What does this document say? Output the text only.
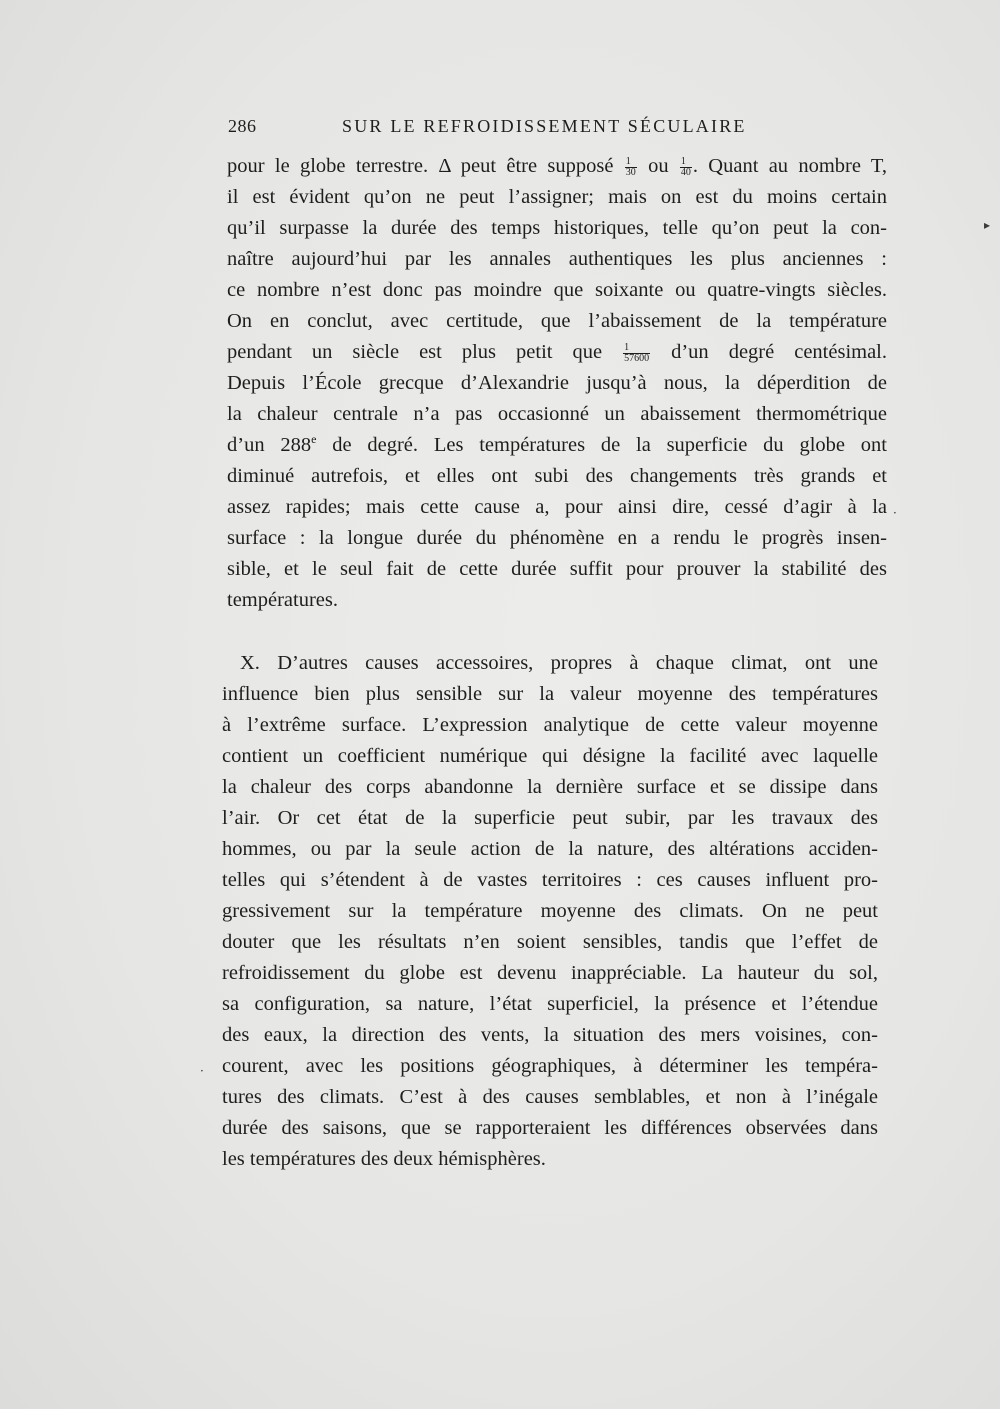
286	SUR LE REFROIDISSEMENT SÉCULAIRE
pour le globe terrestre. Δ peut être supposé $\frac{1}{30}$ ou $\frac{1}{40}$ . Quant au nombre T,
il est évident qu’on ne peut l’assigner; mais on est du moins certain
qu’il surpasse la durée des temps historiques, telle qu’on peut la con-
naître aujourd’hui par les annales authentiques les plus anciennes :
ce nombre n’est donc pas moindre que soixante ou quatre-vingts siècles.
On en conclut, avec certitude, que l’abaissement de la température
pendant un siècle est plus petit que $\frac{1}{57600}$ d’un degré centésimal.
Depuis l’École grecque d’Alexandrie jusqu’à nous, la déperdition de
la chaleur centrale n’a pas occasionné un abaissement thermométrique
d’un 288e de degré. Les températures de la superficie du globe ont
diminué autrefois, et elles ont subi des changements très grands et
assez rapides; mais cette cause a, pour ainsi dire, cessé d’agir à la
surface : la longue durée du phénomène en a rendu le progrès insen-
sible, et le seul fait de cette durée suffit pour prouver la stabilité des
températures.
X. D’autres causes accessoires, propres à chaque climat, ont une
influence bien plus sensible sur la valeur moyenne des températures
à l’extrême surface. L’expression analytique de cette valeur moyenne
contient un coefficient numérique qui désigne la facilité avec laquelle
la chaleur des corps abandonne la dernière surface et se dissipe dans
l’air. Or cet état de la superficie peut subir, par les travaux des
hommes, ou par la seule action de la nature, des altérations acciden-
telles qui s’étendent à de vastes territoires : ces causes influent pro-
gressivement sur la température moyenne des climats. On ne peut
douter que les résultats n’en soient sensibles, tandis que l’effet de
refroidissement du globe est devenu inappréciable. La hauteur du sol,
sa configuration, sa nature, l’état superficiel, la présence et l’étendue
des eaux, la direction des vents, la situation des mers voisines, con-
courent, avec les positions géographiques, à déterminer les tempéra-
tures des climats. C’est à des causes semblables, et non à l’inégale
durée des saisons, que se rapporteraient les différences observées dans
les températures des deux hémisphères.
▸
·
·
